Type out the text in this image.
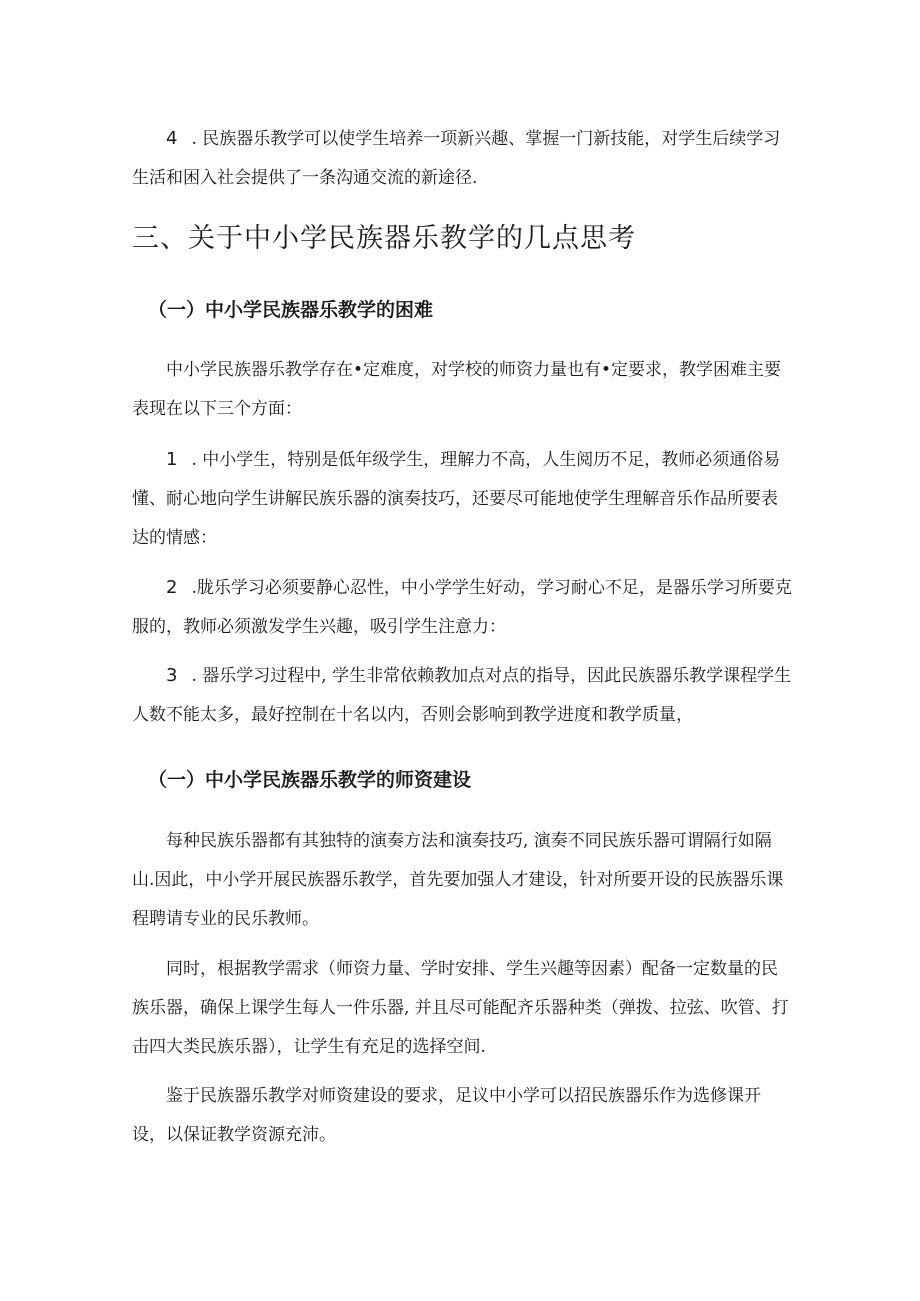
4 . 民族器乐教学可以使学生培养一项新兴趣、掌握一门新技能，对学生后续学习生活和困入社会提供了一条沟通交流的新途径.

三、关于中小学民族器乐教学的几点思考
（一）中小学民族器乐教学的困难

中小学民族器乐教学存在•定难度，对学校的师资力量也有•定要求，教学困难主要表现在以下三个方面：

1 . 中小学生，特别是低年级学生，理解力不高，人生阅历不足，教师必须通俗易懂、耐心地向学生讲解民族乐器的演奏技巧，还要尽可能地使学生理解音乐作品所要表达的情感：

2 .胧乐学习必须要静心忍性，中小学学生好动，学习耐心不足，是器乐学习所要克服的，教师必须激发学生兴趣，吸引学生注意力：

3 . 器乐学习过程中, 学生非常依赖教加点对点的指导，因此民族器乐教学课程学生人数不能太多，最好控制在十名以内，否则会影响到教学进度和教学质量，

（一）中小学民族器乐教学的师资建设

每种民族乐器都有其独特的演奏方法和演奏技巧, 演奏不同民族乐器可谓隔行如隔山.因此，中小学开展民族器乐教学，首先要加强人才建设，针对所要开设的民族器乐课程聘请专业的民乐教师。

同时，根据教学需求（师资力量、学时安排、学生兴趣等因素）配备一定数量的民族乐器，确保上课学生每人一件乐器, 并且尽可能配齐乐器种类（弹拨、拉弦、吹管、打击四大类民族乐器），让学生有充足的选择空间.

鉴于民族器乐教学对师资建设的要求，足议中小学可以招民族器乐作为选修课开设，以保证教学资源充沛。
